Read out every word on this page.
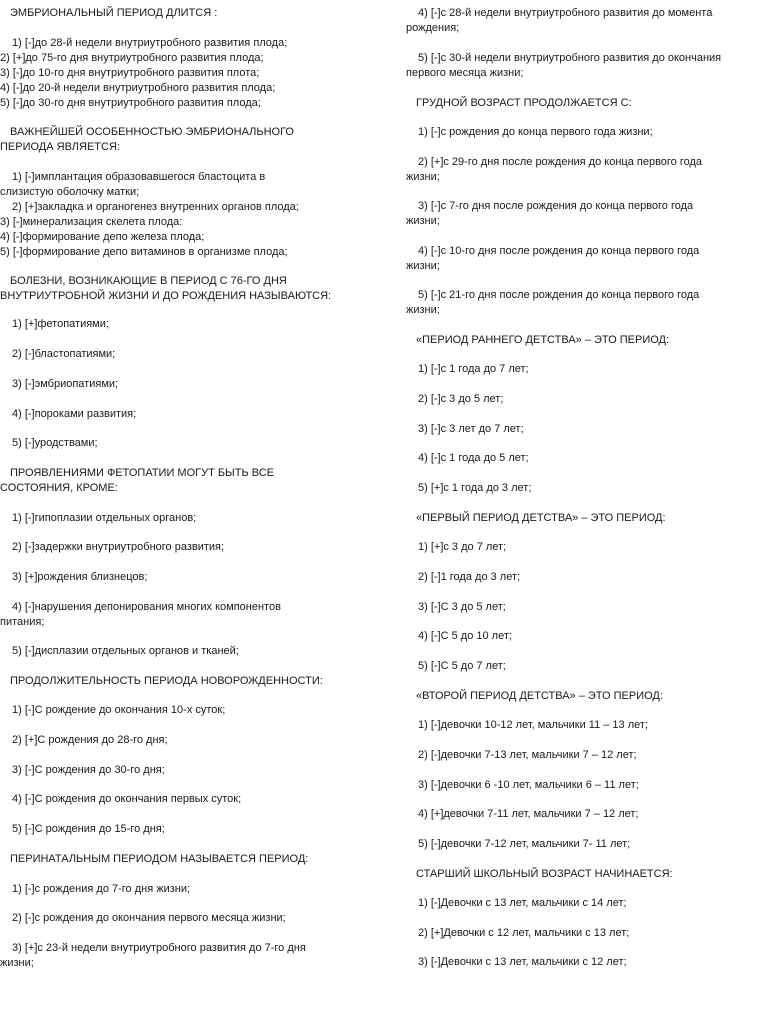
ЭМБРИОНАЛЬНЫЙ ПЕРИОД ДЛИТСЯ :
1) [-]до 28-й недели внутриутробного развития плода;
2) [+]до 75-го дня внутриутробного развития плода;
3) [-]до 10-го дня внутриутробного развития плота;
4) [-]до 20-й недели внутриутробного развития плода;
5) [-]до 30-го дня внутриутробного развития плода;
ВАЖНЕЙШЕЙ ОСОБЕННОСТЬЮ ЭМБРИОНАЛЬНОГО
ПЕРИОДА ЯВЛЯЕТСЯ:
1) [-]имплантация образовавшегося бластоцита в
слизистую оболочку матки;
2) [+]закладка и органогенез внутренних органов плода;
3) [-]минерализация скелета плода:
4) [-]формирование депо железа плода;
5) [-]формирование депо витаминов в организме плода;
БОЛЕЗНИ, ВОЗНИКАЮЩИЕ В ПЕРИОД С 76-ГО ДНЯ
ВНУТРИУТРОБНОЙ ЖИЗНИ И ДО РОЖДЕНИЯ НАЗЫВАЮТСЯ:
1) [+]фетопатиями;
2) [-]бластопатиями;
3) [-]эмбриопатиями;
4) [-]пороками развития;
5) [-]уродствами;
ПРОЯВЛЕНИЯМИ ФЕТОПАТИИ МОГУТ БЫТЬ ВСЕ
СОСТОЯНИЯ, КРОМЕ:
1) [-]гипоплазии отдельных органов;
2) [-]задержки внутриутробного развития;
3) [+]рождения близнецов;
4) [-]нарушения депонирования многих компонентов
питания;
5) [-]дисплазии отдельных органов и тканей;
ПРОДОЛЖИТЕЛЬНОСТЬ ПЕРИОДА НОВОРОЖДЕННОСТИ:
1) [-]С рождение до окончания 10-х суток;
2) [+]С рождения до 28-го дня;
3) [-]С рождения до 30-го дня;
4) [-]С рождения до окончания первых суток;
5) [-]С рождения до 15-го дня;
ПЕРИНАТАЛЬНЫМ ПЕРИОДОМ НАЗЫВАЕТСЯ ПЕРИОД:
1) [-]с рождения до 7-го дня жизни;
2) [-]с рождения до окончания первого месяца жизни;
3) [+]с 23-й недели внутриутробного развития до 7-го дня
жизни;
4) [-]с 28-й недели внутриутробного развития до момента
рождения;
5) [-]с 30-й недели внутриутробного развития до окончания
первого месяца жизни;
ГРУДНОЙ ВОЗРАСТ ПРОДОЛЖАЕТСЯ С:
1) [-]с рождения до конца первого года жизни;
2) [+]с 29-го дня после рождения до конца первого года
жизни;
3) [-]с 7-го дня после рождения до конца первого года
жизни;
4) [-]с 10-го дня после рождения до конца первого года
жизни;
5) [-]с 21-го дня после рождения до конца первого года
жизни;
«ПЕРИОД РАННЕГО ДЕТСТВА» – ЭТО ПЕРИОД:
1) [-]с 1 года до 7 лет;
2) [-]с 3 до 5 лет;
3) [-]с 3 лет до 7 лет;
4) [-]с 1 года до 5 лет;
5) [+]с 1 года до 3 лет;
«ПЕРВЫЙ ПЕРИОД ДЕТСТВА» – ЭТО ПЕРИОД:
1) [+]с 3 до 7 лет;
2) [-]1 года до 3 лет;
3) [-]С 3 до 5 лет;
4) [-]С 5 до 10 лет;
5) [-]С 5 до 7 лет;
«ВТОРОЙ ПЕРИОД ДЕТСТВА» – ЭТО ПЕРИОД:
1) [-]девочки 10-12 лет, мальчики 11 – 13 лет;
2) [-]девочки 7-13 лет, мальчики 7 – 12 лет;
3) [-]девочки 6 -10 лет, мальчики 6 – 11 лет;
4) [+]девочки 7-11 лет, мальчики 7 – 12 лет;
5) [-]девочки 7-12 лет, мальчики 7- 11 лет;
СТАРШИЙ ШКОЛЬНЫЙ ВОЗРАСТ НАЧИНАЕТСЯ:
1) [-]Девочки с 13 лет, мальчики с 14 лет;
2) [+]Девочки с 12 лет, мальчики с 13 лет;
3) [-]Девочки с 13 лет, мальчики с 12 лет;
